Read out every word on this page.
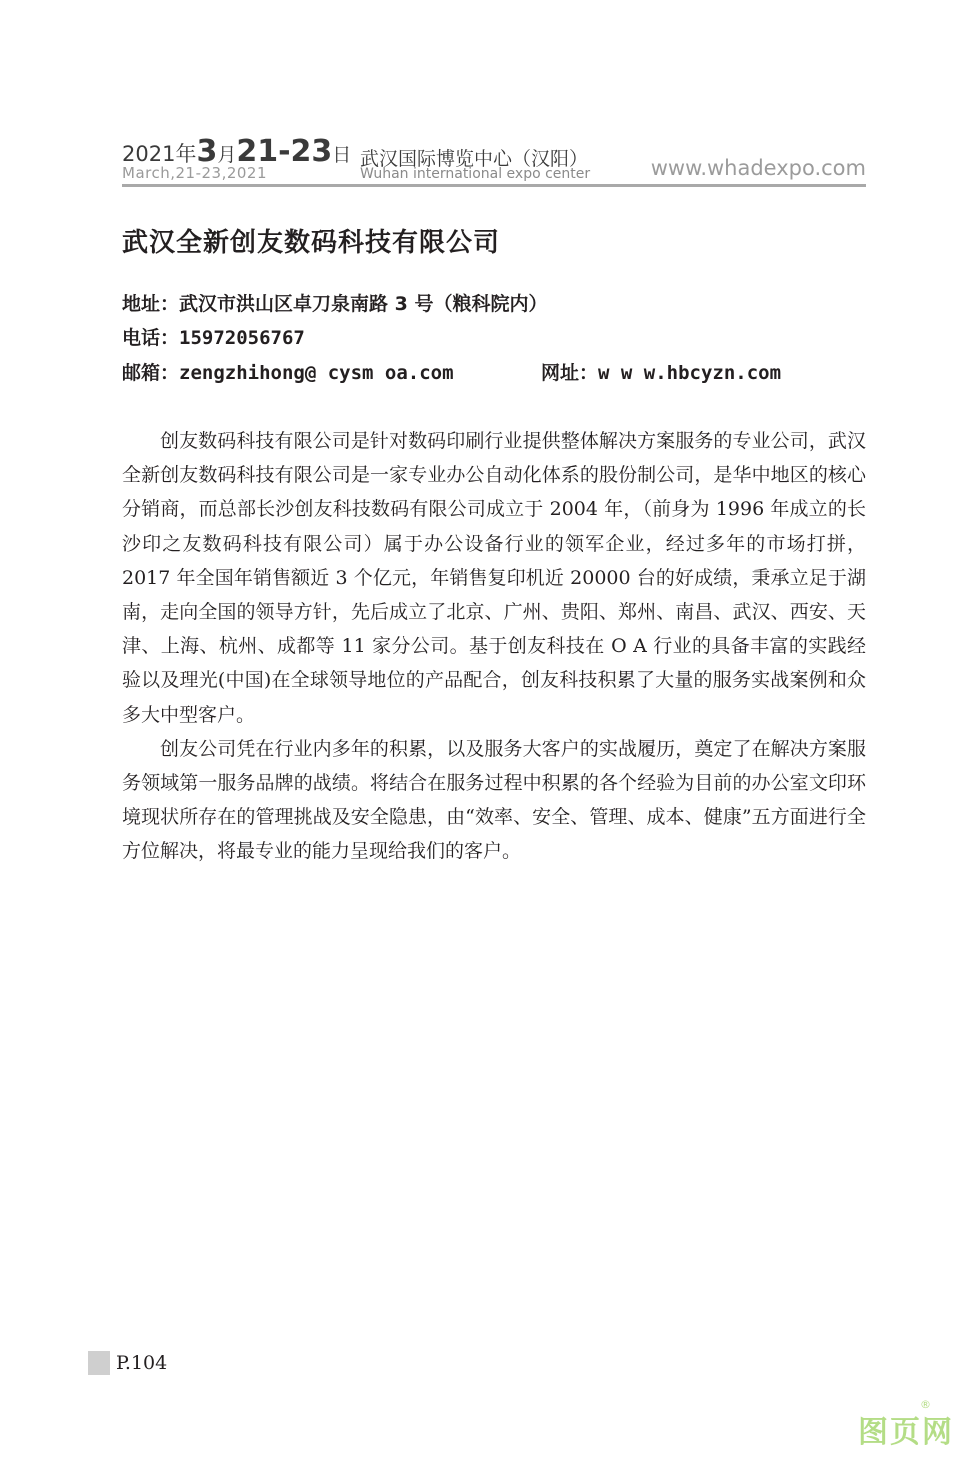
2021年3月21-23日
March,21-23,2021
武汉国际博览中心（汉阳）
Wuhan international expo center	www.whadexpo.com
武汉全新创友数码科技有限公司
地址：武汉市洪山区卓刀泉南路 3 号（粮科院内）
电话：15972056767
邮箱：zengzhihong@ cysm oa.com	网址：w w w.hbcyzn.com

创友数码科技有限公司是针对数码印刷行业提供整体解决方案服务的专业公司，武汉全新创友数码科技有限公司是一家专业办公自动化体系的股份制公司，是华中地区的核心分销商，而总部长沙创友科技数码有限公司成立于 2004 年，（前身为 1996 年成立的长沙印之友数码科技有限公司）属于办公设备行业的领军企业，经过多年的市场打拼，2017 年全国年销售额近 3 个亿元，年销售复印机近 20000 台的好成绩，秉承立足于湖南，走向全国的领导方针，先后成立了北京、广州、贵阳、郑州、南昌、武汉、西安、天津、上海、杭州、成都等 11 家分公司。基于创友科技在 O A 行业的具备丰富的实践经验以及理光(中国)在全球领导地位的产品配合，创友科技积累了大量的服务实战案例和众多大中型客户。

创友公司凭在行业内多年的积累，以及服务大客户的实战履历，奠定了在解决方案服务领域第一服务品牌的战绩。将结合在服务过程中积累的各个经验为目前的办公室文印环境现状所存在的管理挑战及安全隐患，由“效率、安全、管理、成本、健康”五方面进行全方位解决，将最专业的能力呈现给我们的客户。

P.104
图页网
®
